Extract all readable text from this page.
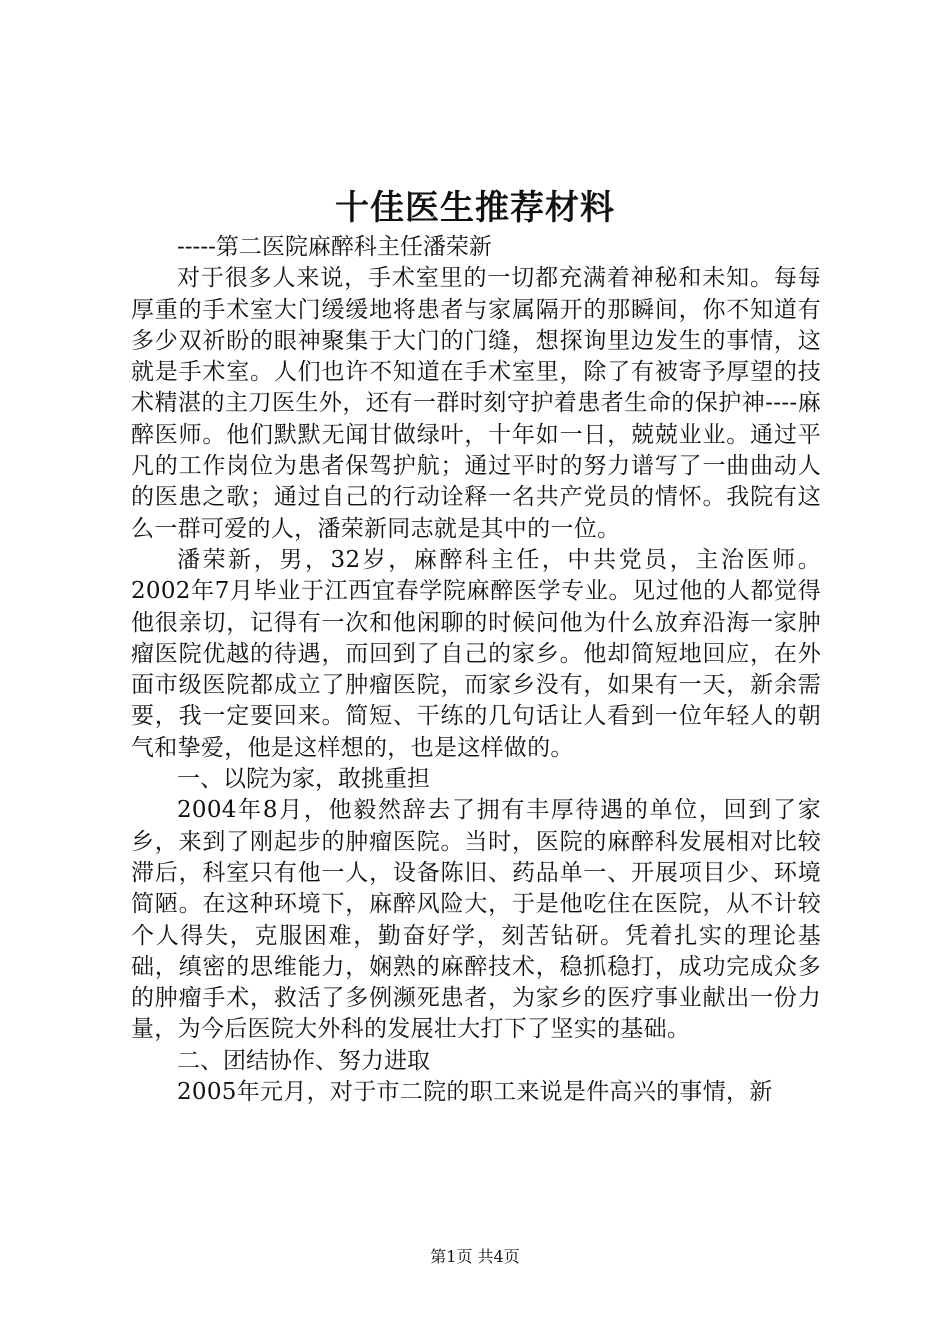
十佳医生推荐材料

-----第二医院麻醉科主任潘荣新

对于很多人来说，手术室里的一切都充满着神秘和未知。每每厚重的手术室大门缓缓地将患者与家属隔开的那瞬间，你不知道有多少双祈盼的眼神聚集于大门的门缝，想探询里边发生的事情，这就是手术室。人们也许不知道在手术室里，除了有被寄予厚望的技术精湛的主刀医生外，还有一群时刻守护着患者生命的保护神----麻醉医师。他们默默无闻甘做绿叶，十年如一日，兢兢业业。通过平凡的工作岗位为患者保驾护航；通过平时的努力谱写了一曲曲动人的医患之歌；通过自己的行动诠释一名共产党员的情怀。我院有这么一群可爱的人，潘荣新同志就是其中的一位。

潘荣新，男，32岁，麻醉科主任，中共党员，主治医师。2002年7月毕业于江西宜春学院麻醉医学专业。见过他的人都觉得他很亲切，记得有一次和他闲聊的时候问他为什么放弃沿海一家肿瘤医院优越的待遇，而回到了自己的家乡。他却简短地回应，在外面市级医院都成立了肿瘤医院，而家乡没有，如果有一天，新余需要，我一定要回来。简短、干练的几句话让人看到一位年轻人的朝气和挚爱，他是这样想的，也是这样做的。

一、以院为家，敢挑重担

2004年8月，他毅然辞去了拥有丰厚待遇的单位，回到了家乡，来到了刚起步的肿瘤医院。当时，医院的麻醉科发展相对比较滞后，科室只有他一人，设备陈旧、药品单一、开展项目少、环境简陋。在这种环境下，麻醉风险大，于是他吃住在医院，从不计较个人得失，克服困难，勤奋好学，刻苦钻研。凭着扎实的理论基础，缜密的思维能力，娴熟的麻醉技术，稳抓稳打，成功完成众多的肿瘤手术，救活了多例濒死患者，为家乡的医疗事业献出一份力量，为今后医院大外科的发展壮大打下了坚实的基础。

二、团结协作、努力进取

2005年元月，对于市二院的职工来说是件高兴的事情，新

第1页 共4页
